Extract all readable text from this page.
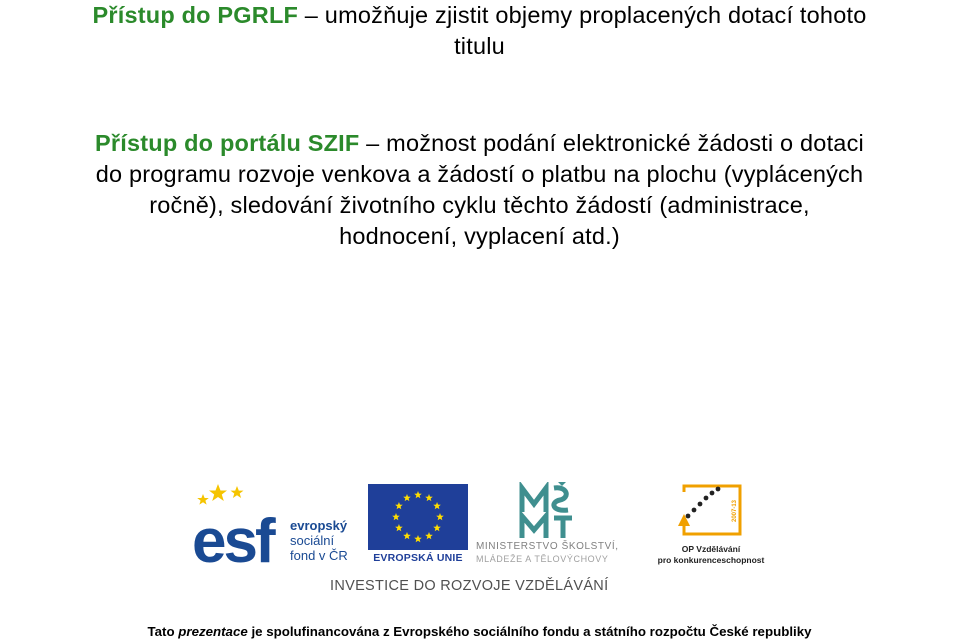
Přístup do PGRLF – umožňuje zjistit objemy proplacených dotací tohoto
titulu
Přístup do portálu SZIF – možnost podání elektronické žádosti o dotaci
do programu rozvoje venkova a žádostí o platbu na plochu (vyplácených
ročně), sledování životního cyklu těchto žádostí (administrace,
hodnocení, vyplacení atd.)
esf evropský
sociální
fond v ČR	EVROPSKÁ UNIE
MINISTERSTVO ŠKOLSTVÍ,
MLÁDEŽE A TĚLOVÝCHOVY
2007-13
OP Vzdělávání
pro konkurenceschopnost
INVESTICE DO ROZVOJE VZDĚLÁVÁNÍ
Tato prezentace je spolufinancována z Evropského sociálního fondu a státního rozpočtu České republiky
